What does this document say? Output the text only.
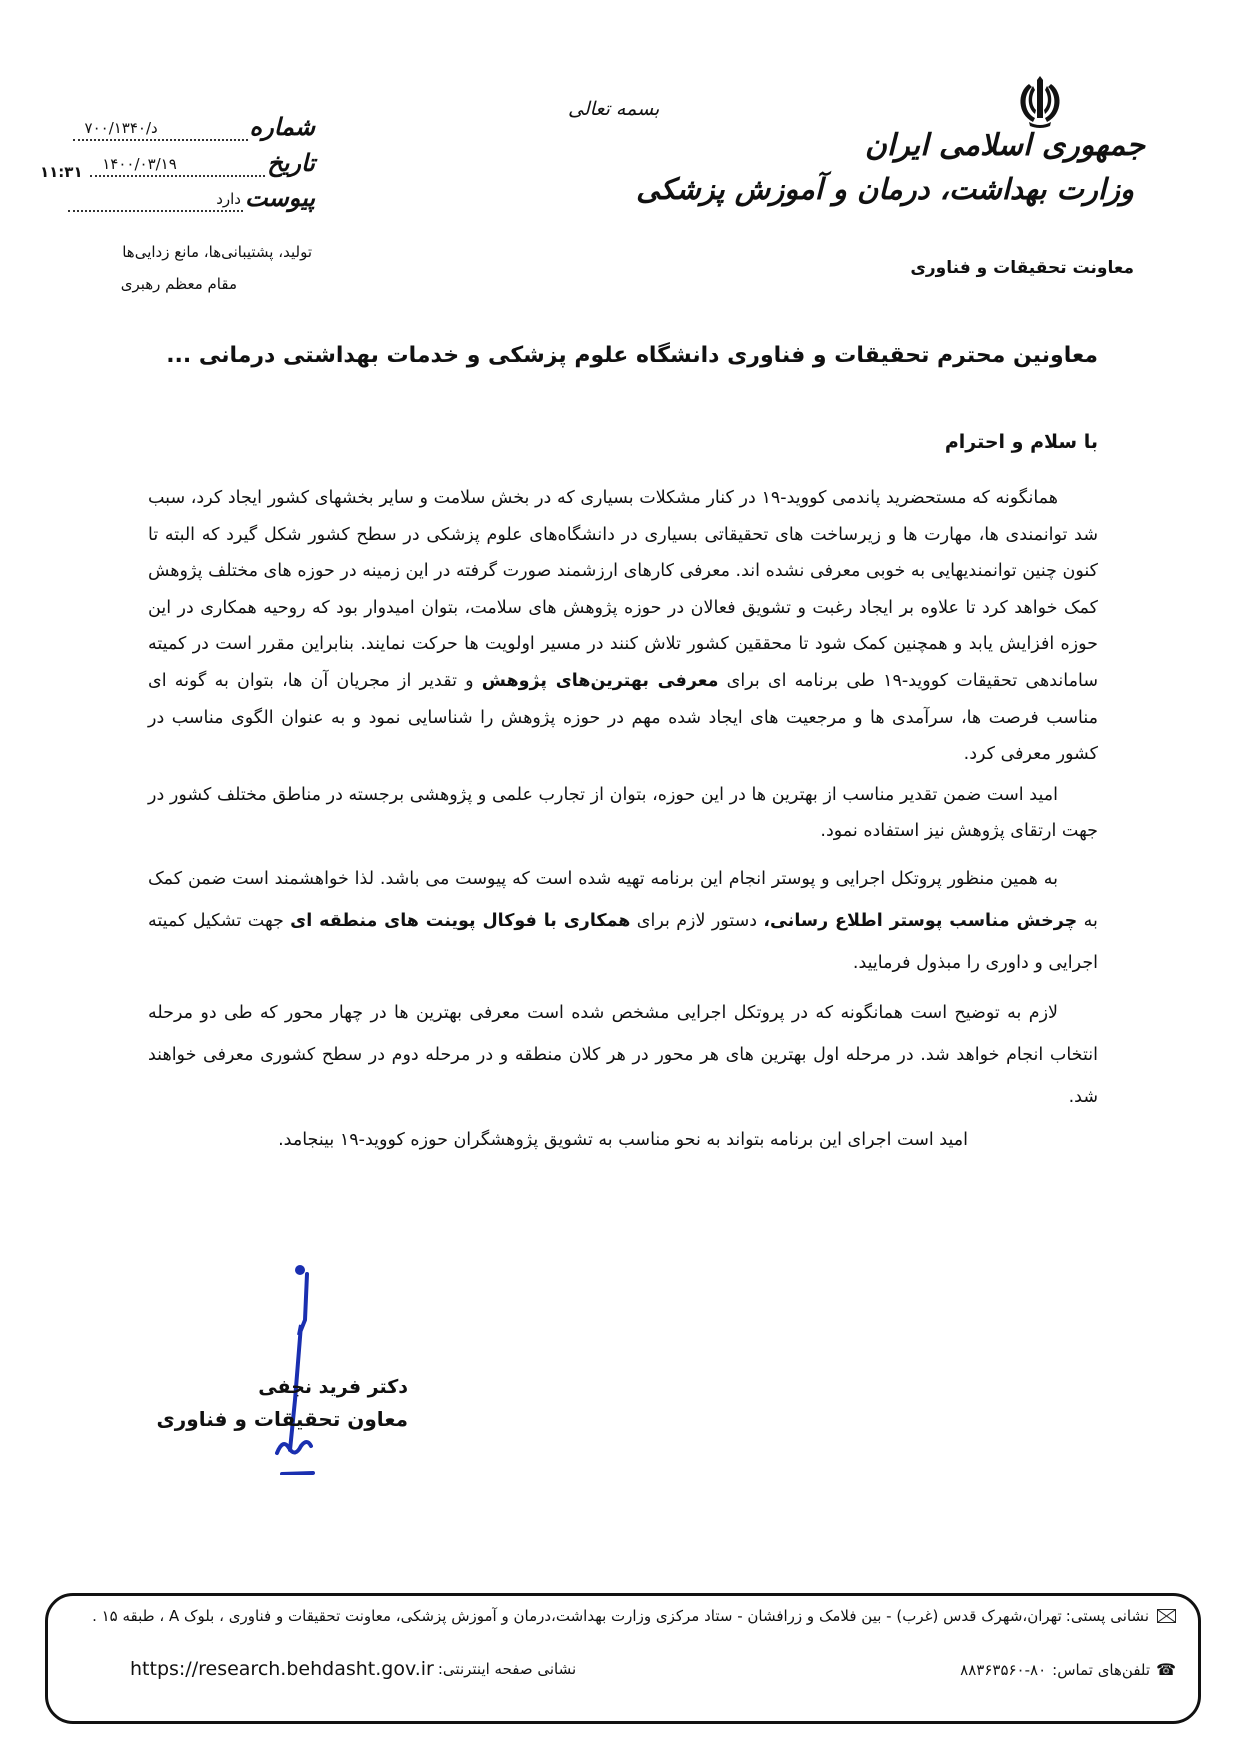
جمهوری اسلامی ایران
وزارت بهداشت، درمان و آموزش پزشکی
معاونت تحقیقات و فناوری
بسمه تعالی
شماره
د/۷۰۰/۱۳۴۰
تاریخ
۱۴۰۰/۰۳/۱۹
پیوست
دارد
۱۱:۳۱
تولید، پشتیبانی‌ها، مانع زدایی‌ها
مقام معظم رهبری
معاونین محترم تحقیقات و فناوری دانشگاه علوم پزشکی و خدمات بهداشتی درمانی ...
با سلام و احترام

همانگونه که مستحضرید پاندمی کووید-۱۹ در کنار مشکلات بسیاری که در بخش سلامت و سایر بخشهای کشور ایجاد کرد، سبب شد توانمندی ها، مهارت ها و زیرساخت های تحقیقاتی بسیاری در دانشگاه‌های علوم پزشکی در سطح کشور شکل گیرد که البته تا کنون چنین توانمندیهایی به خوبی معرفی نشده اند. معرفی کارهای ارزشمند صورت گرفته در این زمینه در حوزه های مختلف پژوهش کمک خواهد کرد تا علاوه بر ایجاد رغبت و تشویق فعالان در حوزه پژوهش های سلامت، بتوان امیدوار بود که روحیه همکاری در این حوزه افزایش یابد و همچنین کمک شود تا محققین کشور تلاش کنند در مسیر اولویت ها حرکت نمایند. بنابراین مقرر است در کمیته ساماندهی تحقیقات کووید-۱۹ طی برنامه ای برای معرفی بهترین‌های پژوهش و تقدیر از مجریان آن ها، بتوان به گونه ای مناسب فرصت ها، سرآمدی ها و مرجعیت های ایجاد شده مهم در حوزه پژوهش را شناسایی نمود و به عنوان الگوی مناسب در کشور معرفی کرد.

امید است ضمن تقدیر مناسب از بهترین ها در این حوزه، بتوان از تجارب علمی و پژوهشی برجسته در مناطق مختلف کشور در جهت ارتقای پژوهش نیز استفاده نمود.

به همین منظور پروتکل اجرایی و پوستر انجام این برنامه تهیه شده است که پیوست می باشد. لذا خواهشمند است ضمن کمک به چرخش مناسب پوستر اطلاع رسانی، دستور لازم برای همکاری با فوکال پوینت های منطقه ای جهت تشکیل کمیته اجرایی و داوری را مبذول فرمایید.

لازم به توضیح است همانگونه که در پروتکل اجرایی مشخص شده است معرفی بهترین ها در چهار محور که طی دو مرحله انتخاب انجام خواهد شد. در مرحله اول بهترین های هر محور در هر کلان منطقه و در مرحله دوم در سطح کشوری معرفی خواهند شد.

امید است اجرای این برنامه بتواند به نحو مناسب به تشویق پژوهشگران حوزه کووید-۱۹ بینجامد.

دکتر فرید نجفی
معاون تحقیقات و فناوری
نشانی پستی:
تهران،شهرک قدس (غرب) - بین فلامک و زرافشان - ستاد مرکزی وزارت بهداشت،درمان و آموزش پزشکی، معاونت تحقیقات و فناوری ، بلوک A ، طبقه ۱۵ .
☎
تلفن‌های تماس:
۸۸۳۶۳۵۶۰-۸۰
نشانی صفحه اینترنتی:
https://research.behdasht.gov.ir
